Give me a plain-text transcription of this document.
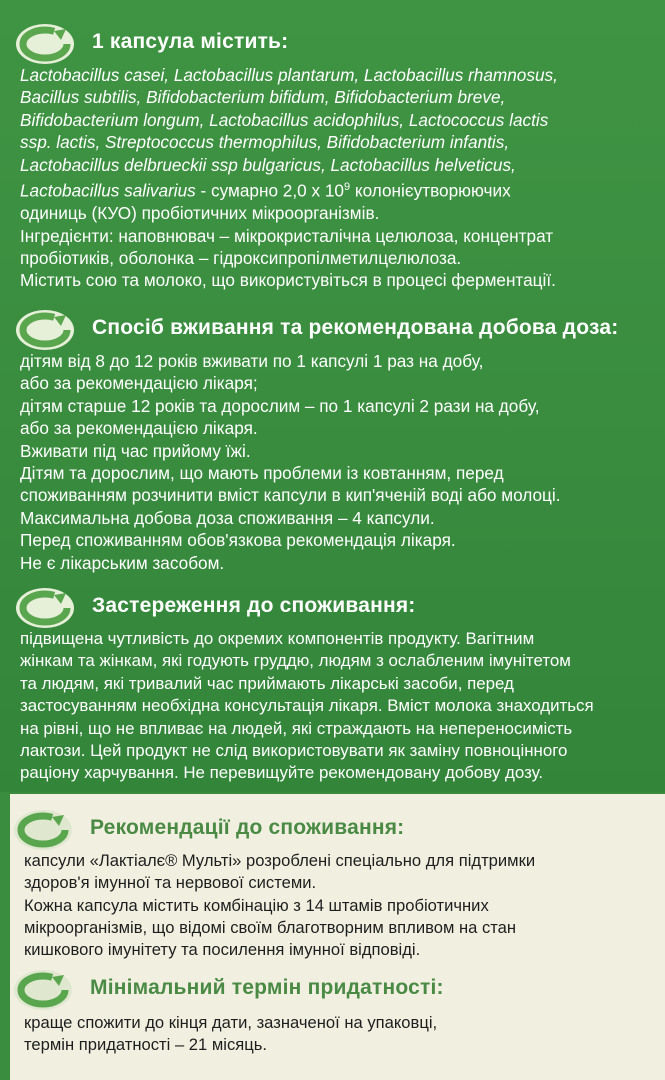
1 капсула містить:
Lactobacillus casei, Lactobacillus plantarum, Lactobacillus rhamnosus,
Bacillus subtilis, Bifidobacterium bifidum, Bifidobacterium breve,
Bifidobacterium longum, Lactobacillus acidophilus, Lactococcus lactis
ssp. lactis, Streptococcus thermophilus, Bifidobacterium infantis,
Lactobacillus delbrueckii ssp bulgaricus, Lactobacillus helveticus,
Lactobacillus salivarius - сумарно 2,0 х $10^9$ колонієутворюючих
одиниць (КУО) пробіотичних мікроорганізмів.
Інгредієнти: наповнювач – мікрокристалічна целюлоза, концентрат
пробіотиків, оболонка – гідроксипропілметилцелюлоза.
Містить сою та молоко, що використувіться в процесі ферментації.
Спосіб вживання та рекомендована добова доза:
дітям від 8 до 12 років вживати по 1 капсулі 1 раз на добу,
або за рекомендацією лікаря;
дітям старше 12 років та дорослим – по 1 капсулі 2 рази на добу,
або за рекомендацією лікаря.
Вживати під час прийому їжі.
Дітям та дорослим, що мають проблеми із ковтанням, перед
споживанням розчинити вміст капсули в кип'яченій воді або молоці.
Максимальна добова доза споживання – 4 капсули.
Перед споживанням обов'язкова рекомендація лікаря.
Не є лікарським засобом.
Застереження до споживання:
підвищена чутливість до окремих компонентів продукту. Вагітним
жінкам та жінкам, які годують груддю, людям з ослабленим імунітетом
та людям, які тривалий час приймають лікарські засоби, перед
застосуванням необхідна консультація лікаря. Вміст молока знаходиться
на рівні, що не впливає на людей, які страждають на непереносимість
лактози. Цей продукт не слід використовувати як заміну повноцінного
раціону харчування. Не перевищуйте рекомендовану добову дозу.
Рекомендації до споживання:
капсули «Лактіалє® Мульті» розроблені спеціально для підтримки
здоров'я імунної та нервової системи.
Кожна капсула містить комбінацію з 14 штамів пробіотичних
мікроорганізмів, що відомі своїм благотворним впливом на стан
кишкового імунітету та посилення імунної відповіді.
Мінімальний термін придатності:
краще спожити до кінця дати, зазначеної на упаковці,
термін придатності – 21 місяць.
